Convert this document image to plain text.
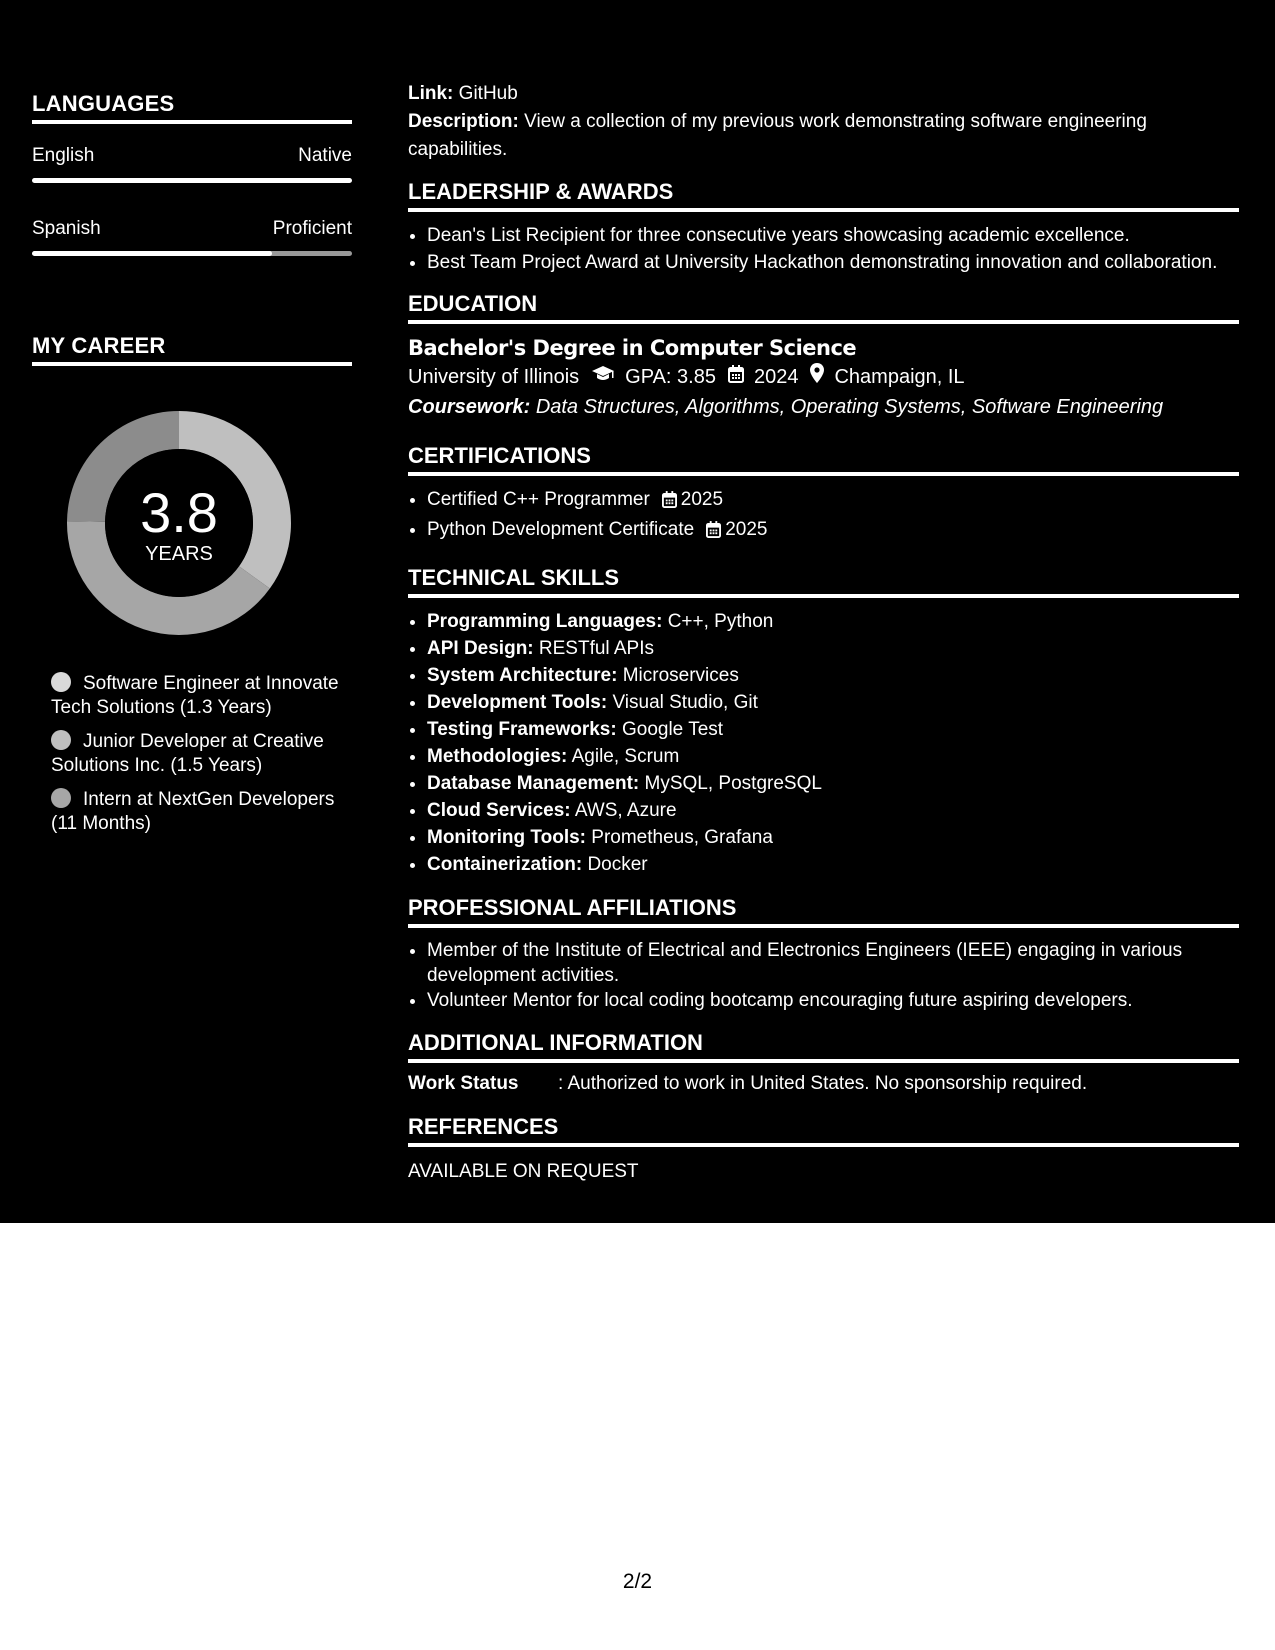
LANGUAGES
English	Native
Spanish	Proficient
MY CAREER
3.8
YEARS
Software Engineer at Innovate Tech Solutions (1.3 Years)
Junior Developer at Creative Solutions Inc. (1.5 Years)
Intern at NextGen Developers (11 Months)

Link: GitHub

Description: View a collection of my previous work demonstrating software engineering capabilities.

LEADERSHIP & AWARDS
• Dean's List Recipient for three consecutive years showcasing academic excellence.
• Best Team Project Award at University Hackathon demonstrating innovation and collaboration.
EDUCATION

Bachelor's Degree in Computer Science

University of Illinois GPA: 3.85 2024 Champaign, IL

Coursework: Data Structures, Algorithms, Operating Systems, Software Engineering

CERTIFICATIONS
• Certified C++ Programmer 2025
• Python Development Certificate 2025
TECHNICAL SKILLS
• Programming Languages: C++, Python
• API Design: RESTful APIs
• System Architecture: Microservices
• Development Tools: Visual Studio, Git
• Testing Frameworks: Google Test
• Methodologies: Agile, Scrum
• Database Management: MySQL, PostgreSQL
• Cloud Services: AWS, Azure
• Monitoring Tools: Prometheus, Grafana
• Containerization: Docker
PROFESSIONAL AFFILIATIONS
• Member of the Institute of Electrical and Electronics Engineers (IEEE) engaging in various development activities.
• Volunteer Mentor for local coding bootcamp encouraging future aspiring developers.
ADDITIONAL INFORMATION
Work Status	: Authorized to work in United States. No sponsorship required.
REFERENCES

AVAILABLE ON REQUEST

2/2
